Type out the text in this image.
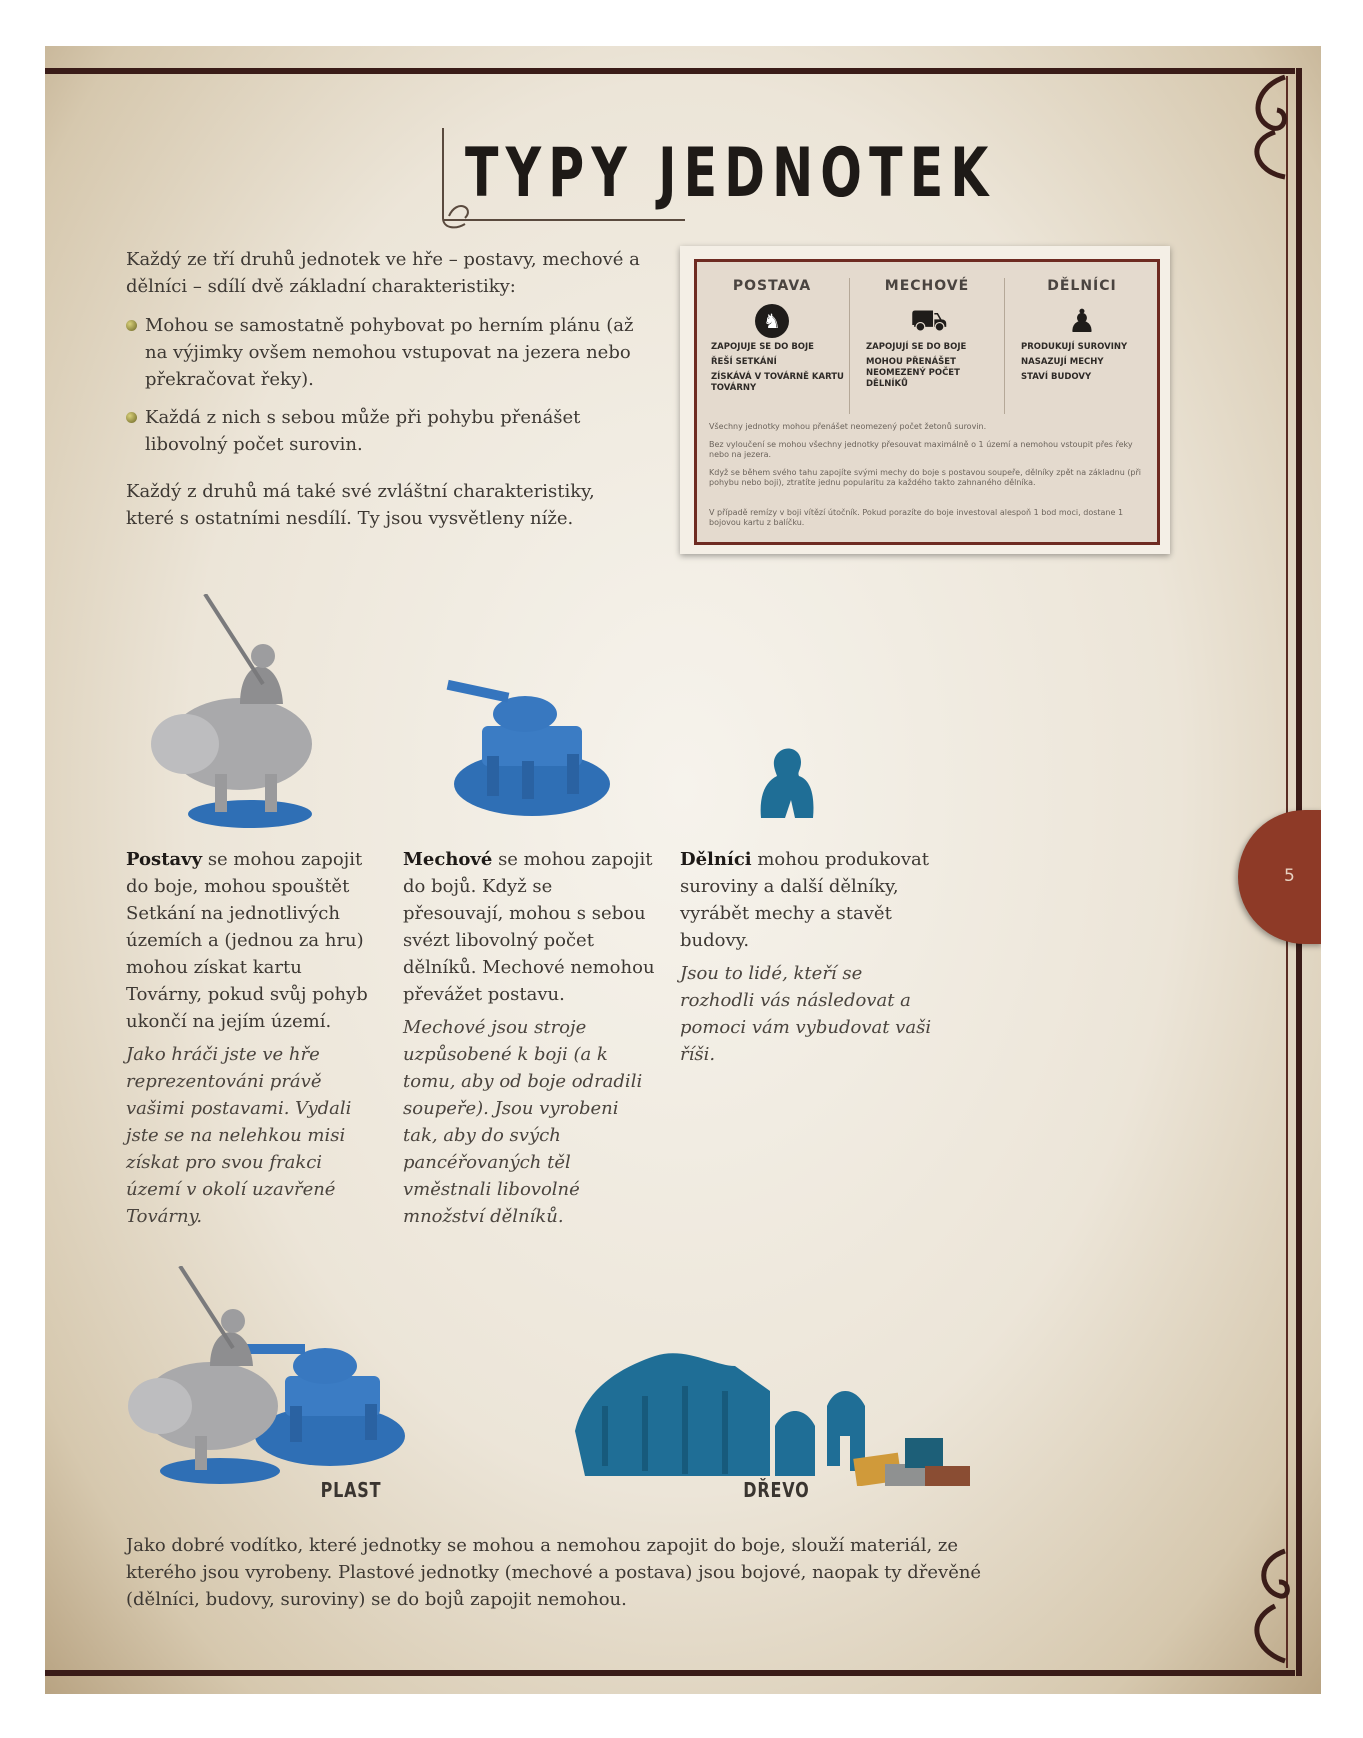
TYPY JEDNOTEK
Každý ze tří druhů jednotek ve hře – postavy, mechové a dělníci – sdílí dvě základní charakteristiky:
Mohou se samostatně pohybovat po herním plánu (až na výjimky ovšem nemohou vstupovat na jezera nebo překračovat řeky).
Každá z nich s sebou může při pohybu přenášet libovolný počet surovin.
Každý z druhů má také své zvláštní charakteristiky, které s ostatními nesdílí. Ty jsou vysvětleny níže.
POSTAVA
♞
ZAPOJUJE SE DO BOJE
ŘEŠÍ SETKÁNÍ
ZÍSKÁVÁ V TOVÁRNĚ KARTU TOVÁRNY
MECHOVÉ
⛟
ZAPOJUJÍ SE DO BOJE
MOHOU PŘENÁŠET NEOMEZENÝ POČET DĚLNÍKŮ
DĚLNÍCI
♟
PRODUKUJÍ SUROVINY
NASAZUJÍ MECHY
STAVÍ BUDOVY
Všechny jednotky mohou přenášet neomezený počet žetonů surovin.
Bez vyloučení se mohou všechny jednotky přesouvat maximálně o 1 území a nemohou vstoupit přes řeky nebo na jezera.
Když se během svého tahu zapojíte svými mechy do boje s postavou soupeře, dělníky zpět na základnu (při pohybu nebo boji), ztratíte jednu popularitu za každého takto zahnaného dělníka.
V případě remízy v boji vítězí útočník. Pokud porazíte do boje investoval alespoň 1 bod moci, dostane 1 bojovou kartu z balíčku.
Postavy se mohou zapojit do boje, mohou spouštět Setkání na jednotlivých územích a (jednou za hru) mohou získat kartu Továrny, pokud svůj pohyb ukončí na jejím území.
Jako hráči jste ve hře reprezentováni právě vašimi postavami. Vydali jste se na nelehkou misi získat pro svou frakci území v okolí uzavřené Továrny.
Mechové se mohou zapojit do bojů. Když se přesouvají, mohou s sebou svézt libovolný počet dělníků. Mechové nemohou převážet postavu.
Mechové jsou stroje uzpůsobené k boji (a k tomu, aby od boje odradili soupeře). Jsou vyrobeni tak, aby do svých pancéřovaných těl vměstnali libovolné množství dělníků.
Dělníci mohou produkovat suroviny a další dělníky, vyrábět mechy a stavět budovy.
Jsou to lidé, kteří se rozhodli vás následovat a pomoci vám vybudovat vaši říši.
PLAST	DŘEVO
Jako dobré vodítko, které jednotky se mohou a nemohou zapojit do boje, slouží materiál, ze kterého jsou vyrobeny. Plastové jednotky (mechové a postava) jsou bojové, naopak ty dřevěné (dělníci, budovy, suroviny) se do bojů zapojit nemohou.
5
